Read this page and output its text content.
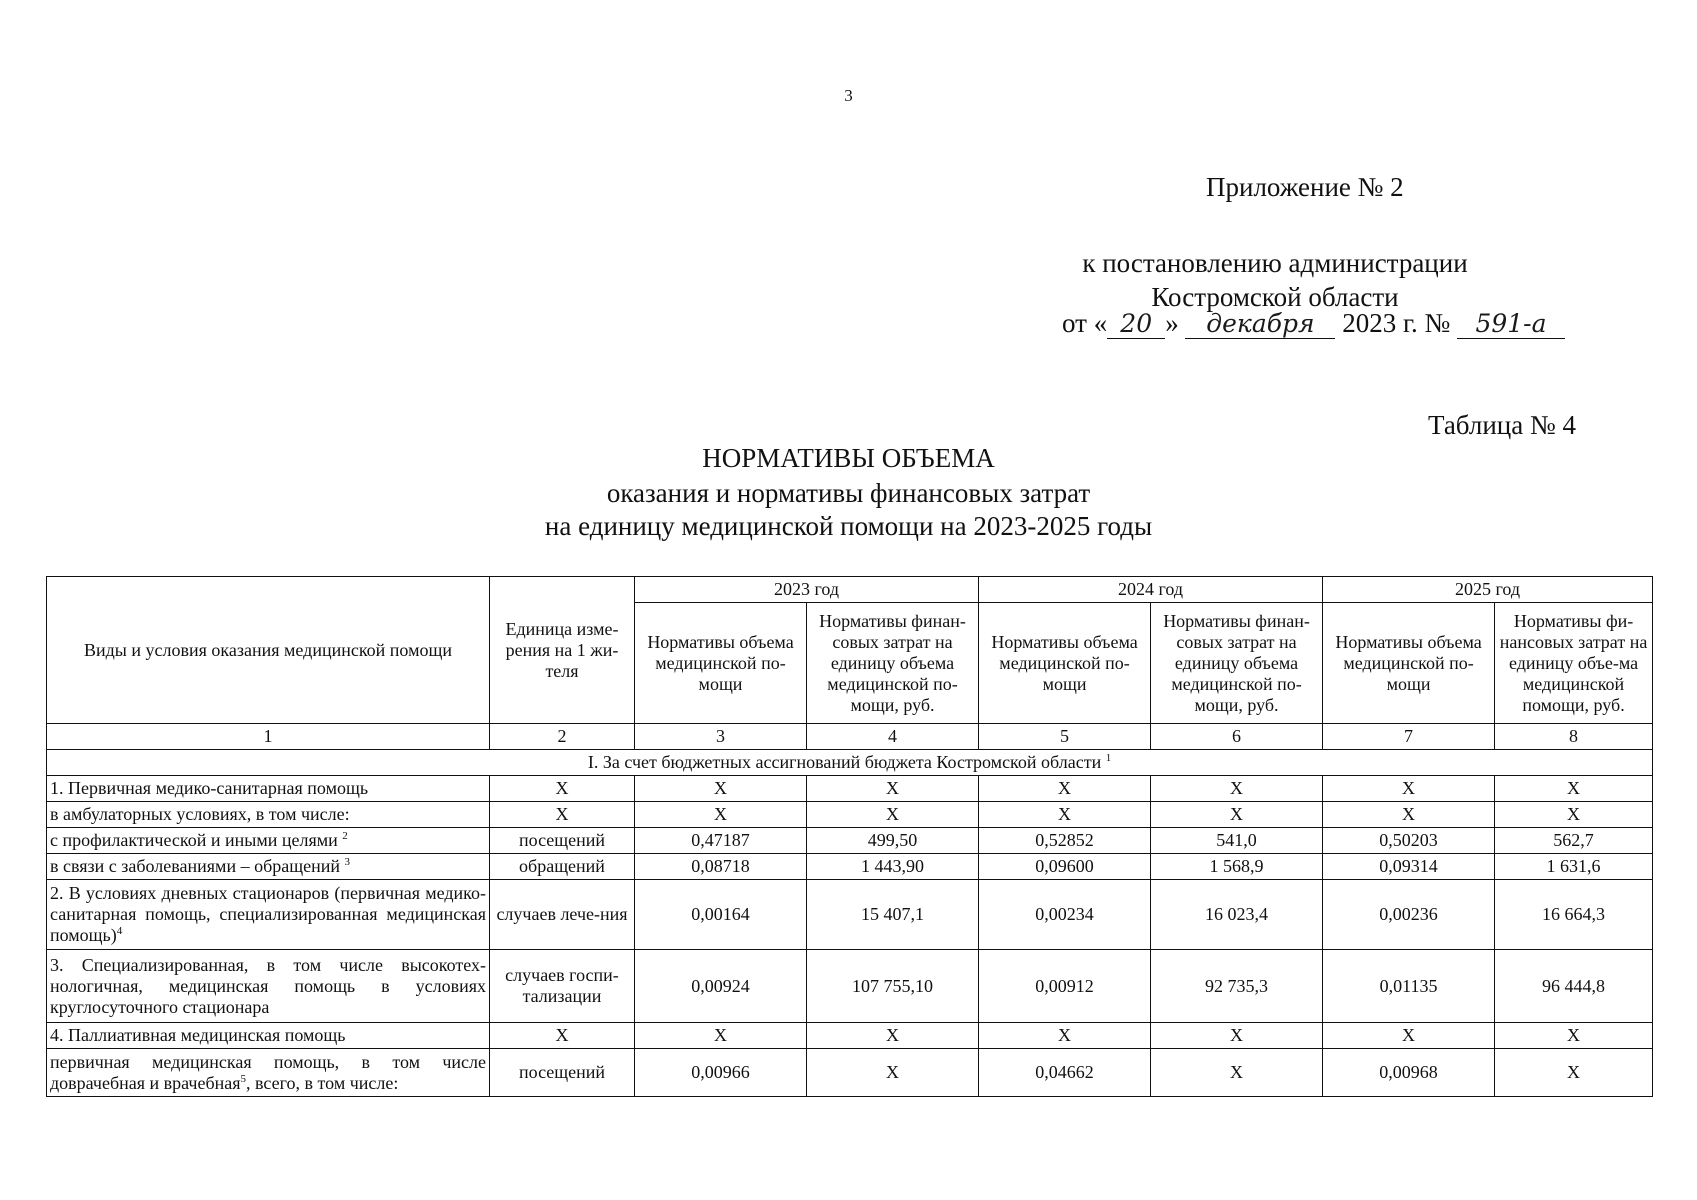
3
Приложение № 2
к постановлению администрации
Костромской области
от « 20 » декабря 2023 г. № 591-а
Таблица № 4
НОРМАТИВЫ ОБЪЕМА
оказания и нормативы финансовых затрат
на единицу медицинской помощи на 2023-2025 годы
Виды и условия оказания медицинской помощи	Единица изме-рения на 1 жи-теля	2023 год		2024 год		2025 год	
		Нормативы объема медицинской по-мощи	Нормативы финан-совых затрат на единицу объема медицинской по-мощи, руб.	Нормативы объема медицинской по-мощи	Нормативы финан-совых затрат на единицу объема медицинской по-мощи, руб.	Нормативы объема медицинской по-мощи	Нормативы фи-нансовых затрат на единицу объе-ма медицинской помощи, руб.
1	2	3	4	5	6	7	8
I. За счет бюджетных ассигнований бюджета Костромской области $^1$
1. Первичная медико-санитарная помощь	Х	Х	Х	Х	Х	Х	Х
в амбулаторных условиях, в том числе:	Х	Х	Х	Х	Х	Х	Х
с профилактической и иными целями $^2$	посещений	0,47187	499,50	0,52852	541,0	0,50203	562,7
в связи с заболеваниями – обращений $^3$	обращений	0,08718	1 443,90	0,09600	1 568,9	0,09314	1 631,6
2. В условиях дневных стационаров (первичная медико-санитарная помощь, специализированная медицинская помощь)$^4$	случаев лече-ния	0,00164	15 407,1	0,00234	16 023,4	0,00236	16 664,3
3. Специализированная, в том числе высокотех-нологичная, медицинская помощь в условиях круглосуточного стационара	случаев госпи-тализации	0,00924	107 755,10	0,00912	92 735,3	0,01135	96 444,8
4. Паллиативная медицинская помощь	Х	Х	Х	Х	Х	Х	Х
первичная медицинская помощь, в том числе доврачебная и врачебная$^5$, всего, в том числе:	посещений	0,00966	Х	0,04662	Х	0,00968	Х
